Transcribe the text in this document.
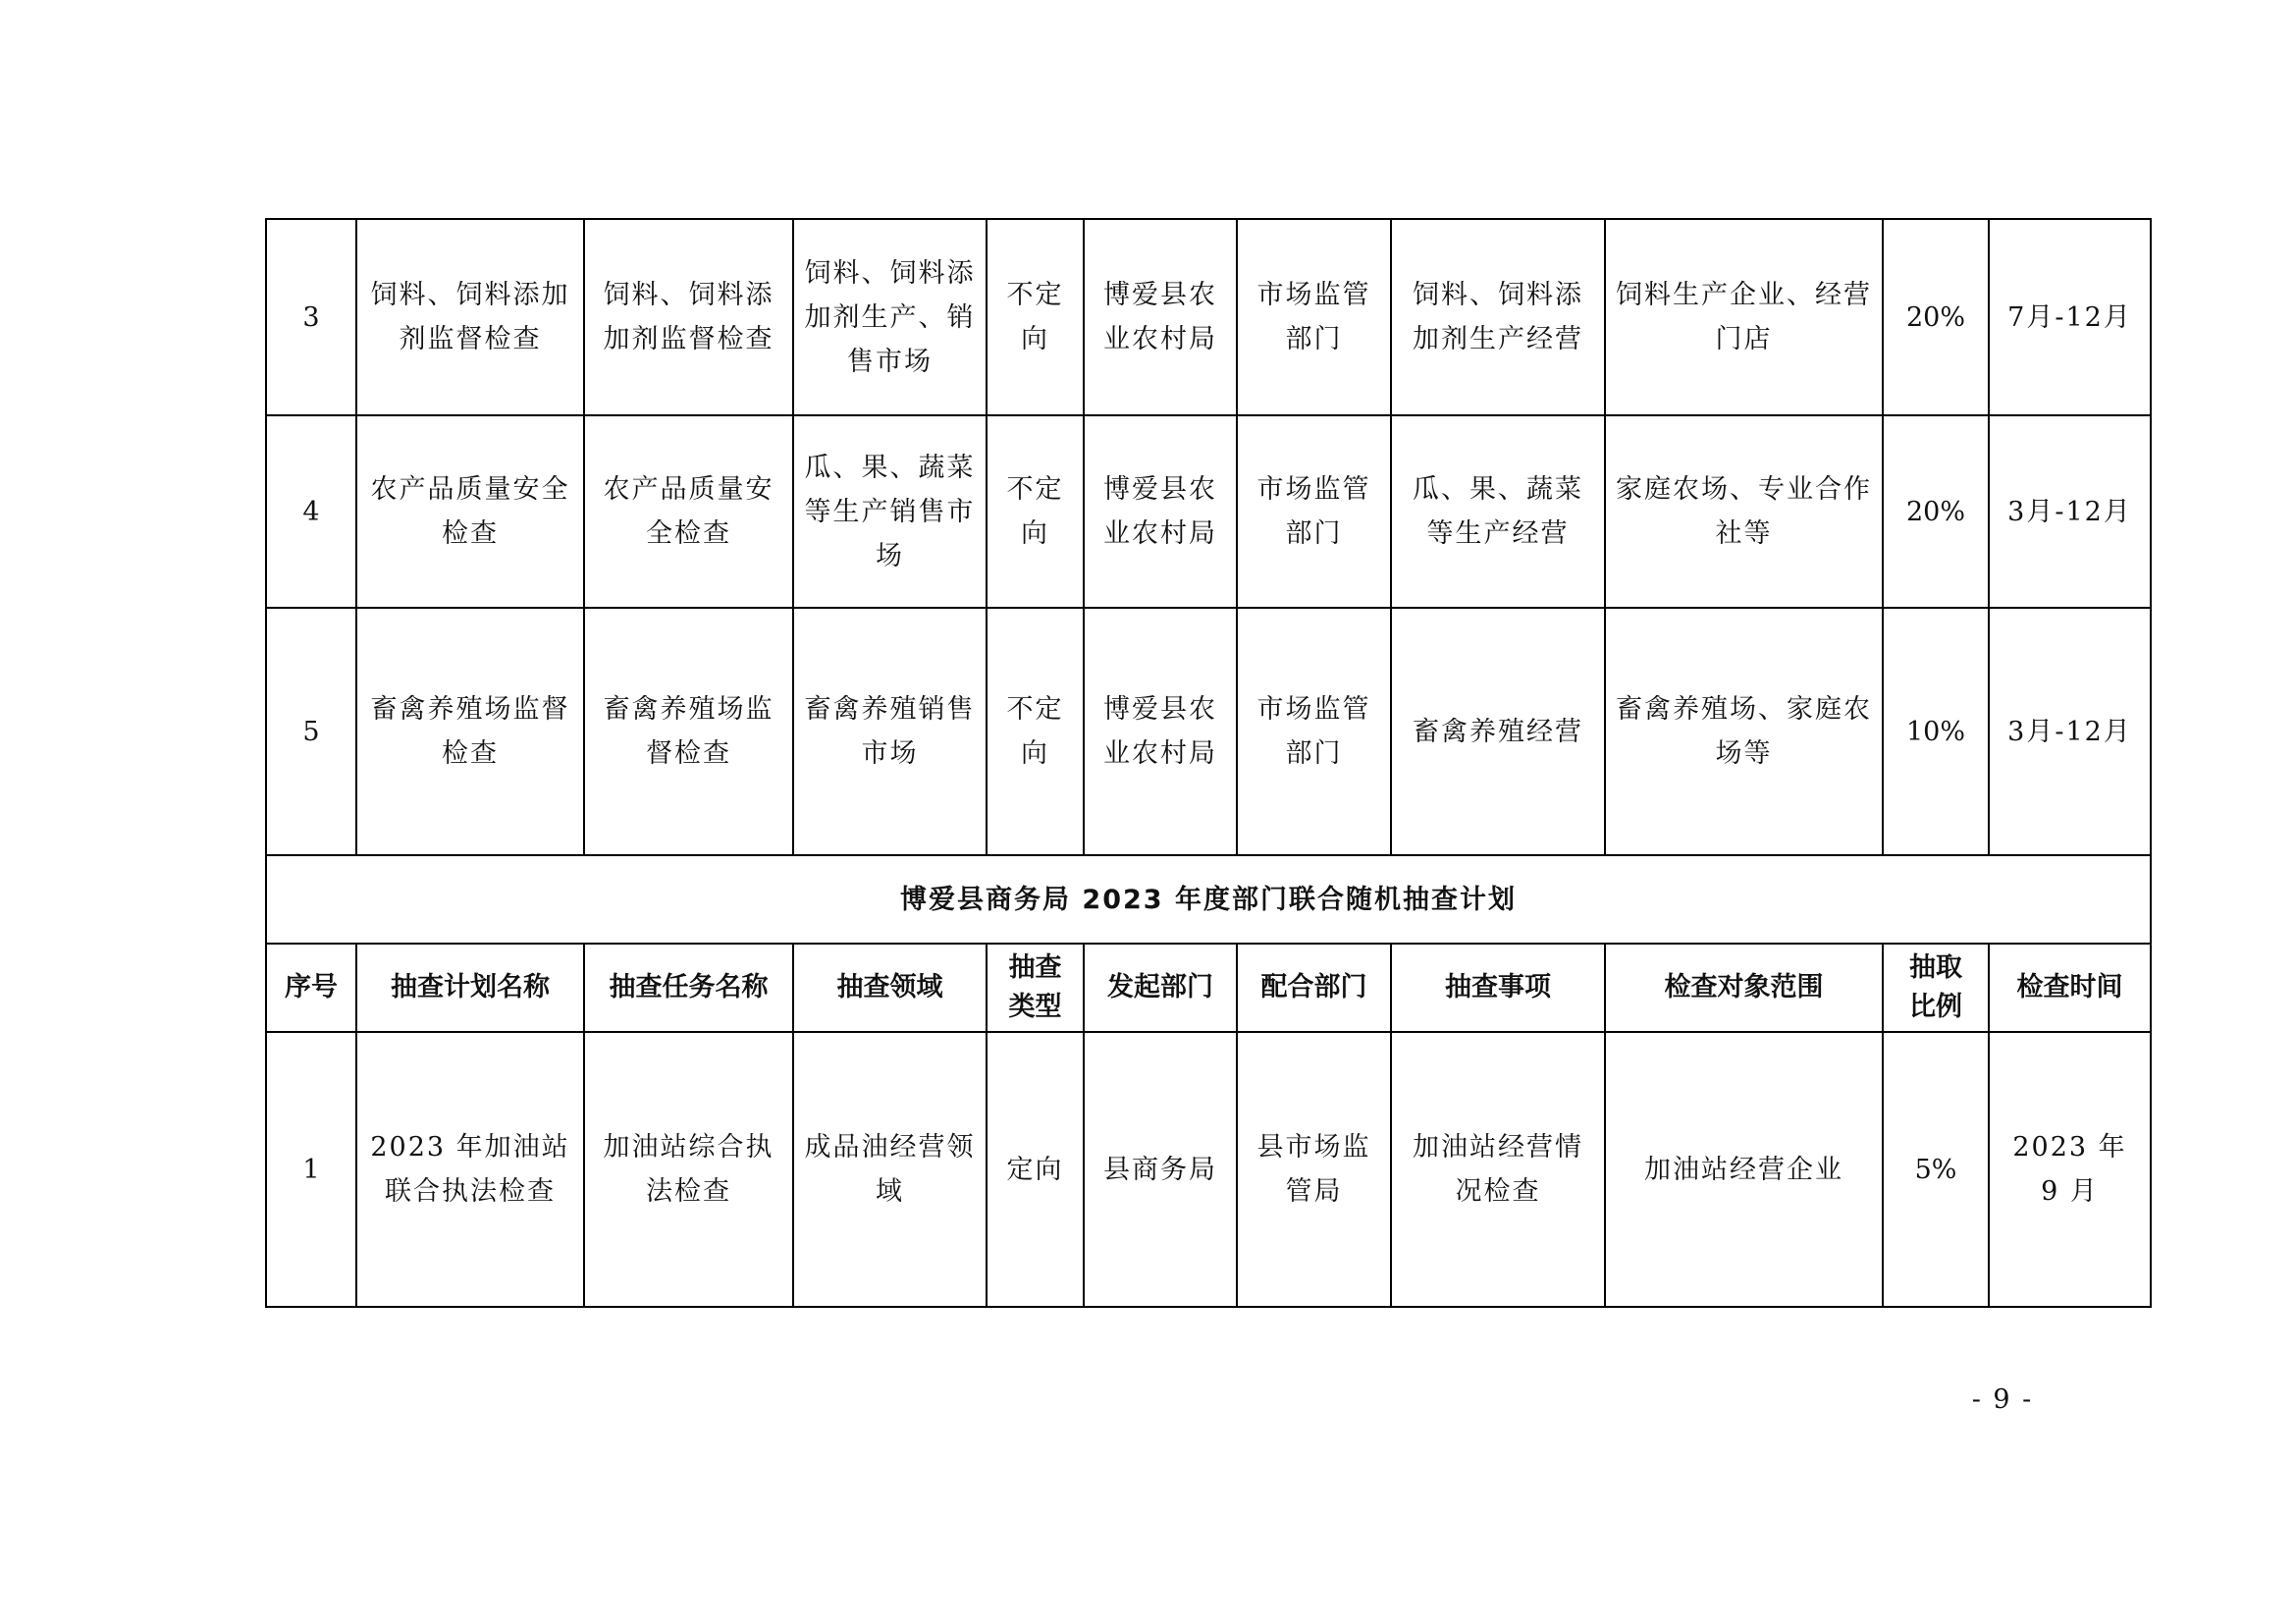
3	饲料、饲料添加剂监督检查	饲料、饲料添加剂监督检查	饲料、饲料添加剂生产、销售市场	不定向	博爱县农业农村局	市场监管部门	饲料、饲料添加剂生产经营	饲料生产企业、经营门店	20%	7月-12月
4	农产品质量安全检查	农产品质量安全检查	瓜、果、蔬菜等生产销售市场	不定向	博爱县农业农村局	市场监管部门	瓜、果、蔬菜等生产经营	家庭农场、专业合作社等	20%	3月-12月
5	畜禽养殖场监督检查	畜禽养殖场监督检查	畜禽养殖销售市场	不定向	博爱县农业农村局	市场监管部门	畜禽养殖经营	畜禽养殖场、家庭农场等	10%	3月-12月
博爱县商务局 2023 年度部门联合随机抽查计划										
序号	抽查计划名称	抽查任务名称	抽查领域	抽查类型	发起部门	配合部门	抽查事项	检查对象范围	抽取比例	检查时间
1	2023 年加油站联合执法检查	加油站综合执法检查	成品油经营领域	定向	县商务局	县市场监管局	加油站经营情况检查	加油站经营企业	5%	2023 年 9 月
- 9 -
